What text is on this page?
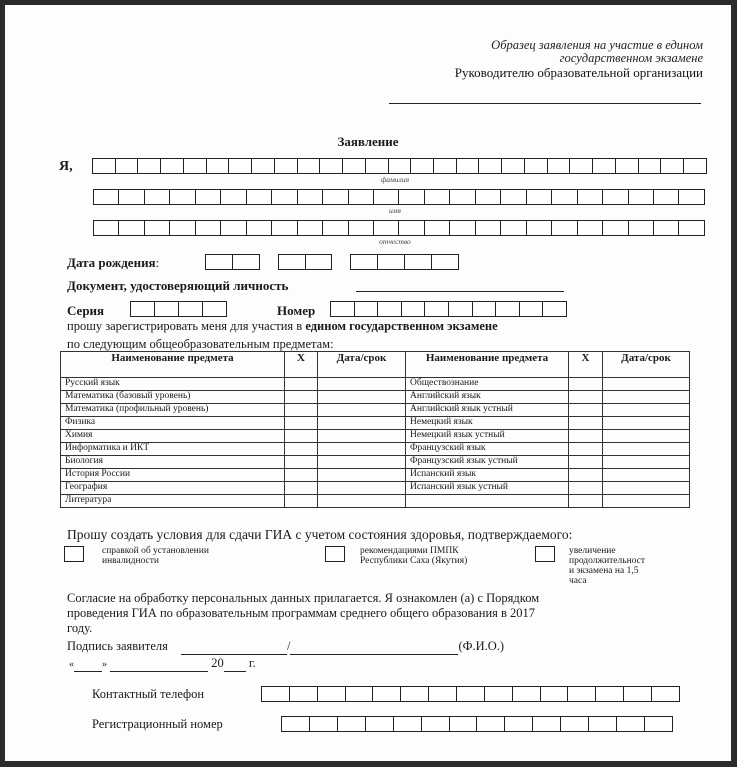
Образец заявления на участие в едином
государственном экзамене
Руководителю образовательной организации
Заявление
Я,
фамилия
имя
отчество
Дата рождения:
Документ, удостоверяющий личность
Серия	Номер
прошу зарегистрировать меня для участия в едином государственном экзамене
по следующим общеобразовательным предметам:
Наименование предмета	Х	Дата/срок	Наименование предмета	Х	Дата/срок
Русский язык			Обществознание		
Математика (базовый уровень)			Английский язык		
Математика (профильный уровень)			Английский язык устный		
Физика			Немецкий язык		
Химия			Немецкий язык устный		
Информатика и ИКТ			Французский язык		
Биология			Французский язык устный		
История России			Испанский язык		
География			Испанский язык устный		
Литература					
Прошу создать условия для сдачи ГИА с учетом состояния здоровья, подтверждаемого:
справкой об установлении
инвалидности
рекомендациями ПМПК
Республики Саха (Якутия)
увеличение
продолжительност
и экзамена на 1,5
часа
Согласие на обработку персональных данных прилагается. Я ознакомлен (а) с Порядком
проведения ГИА по образовательным программам среднего общего образования в 2017
году.
Подпись заявителя	/	(Ф.И.О.)
«	»	20 г.
Контактный телефон
Регистрационный номер
